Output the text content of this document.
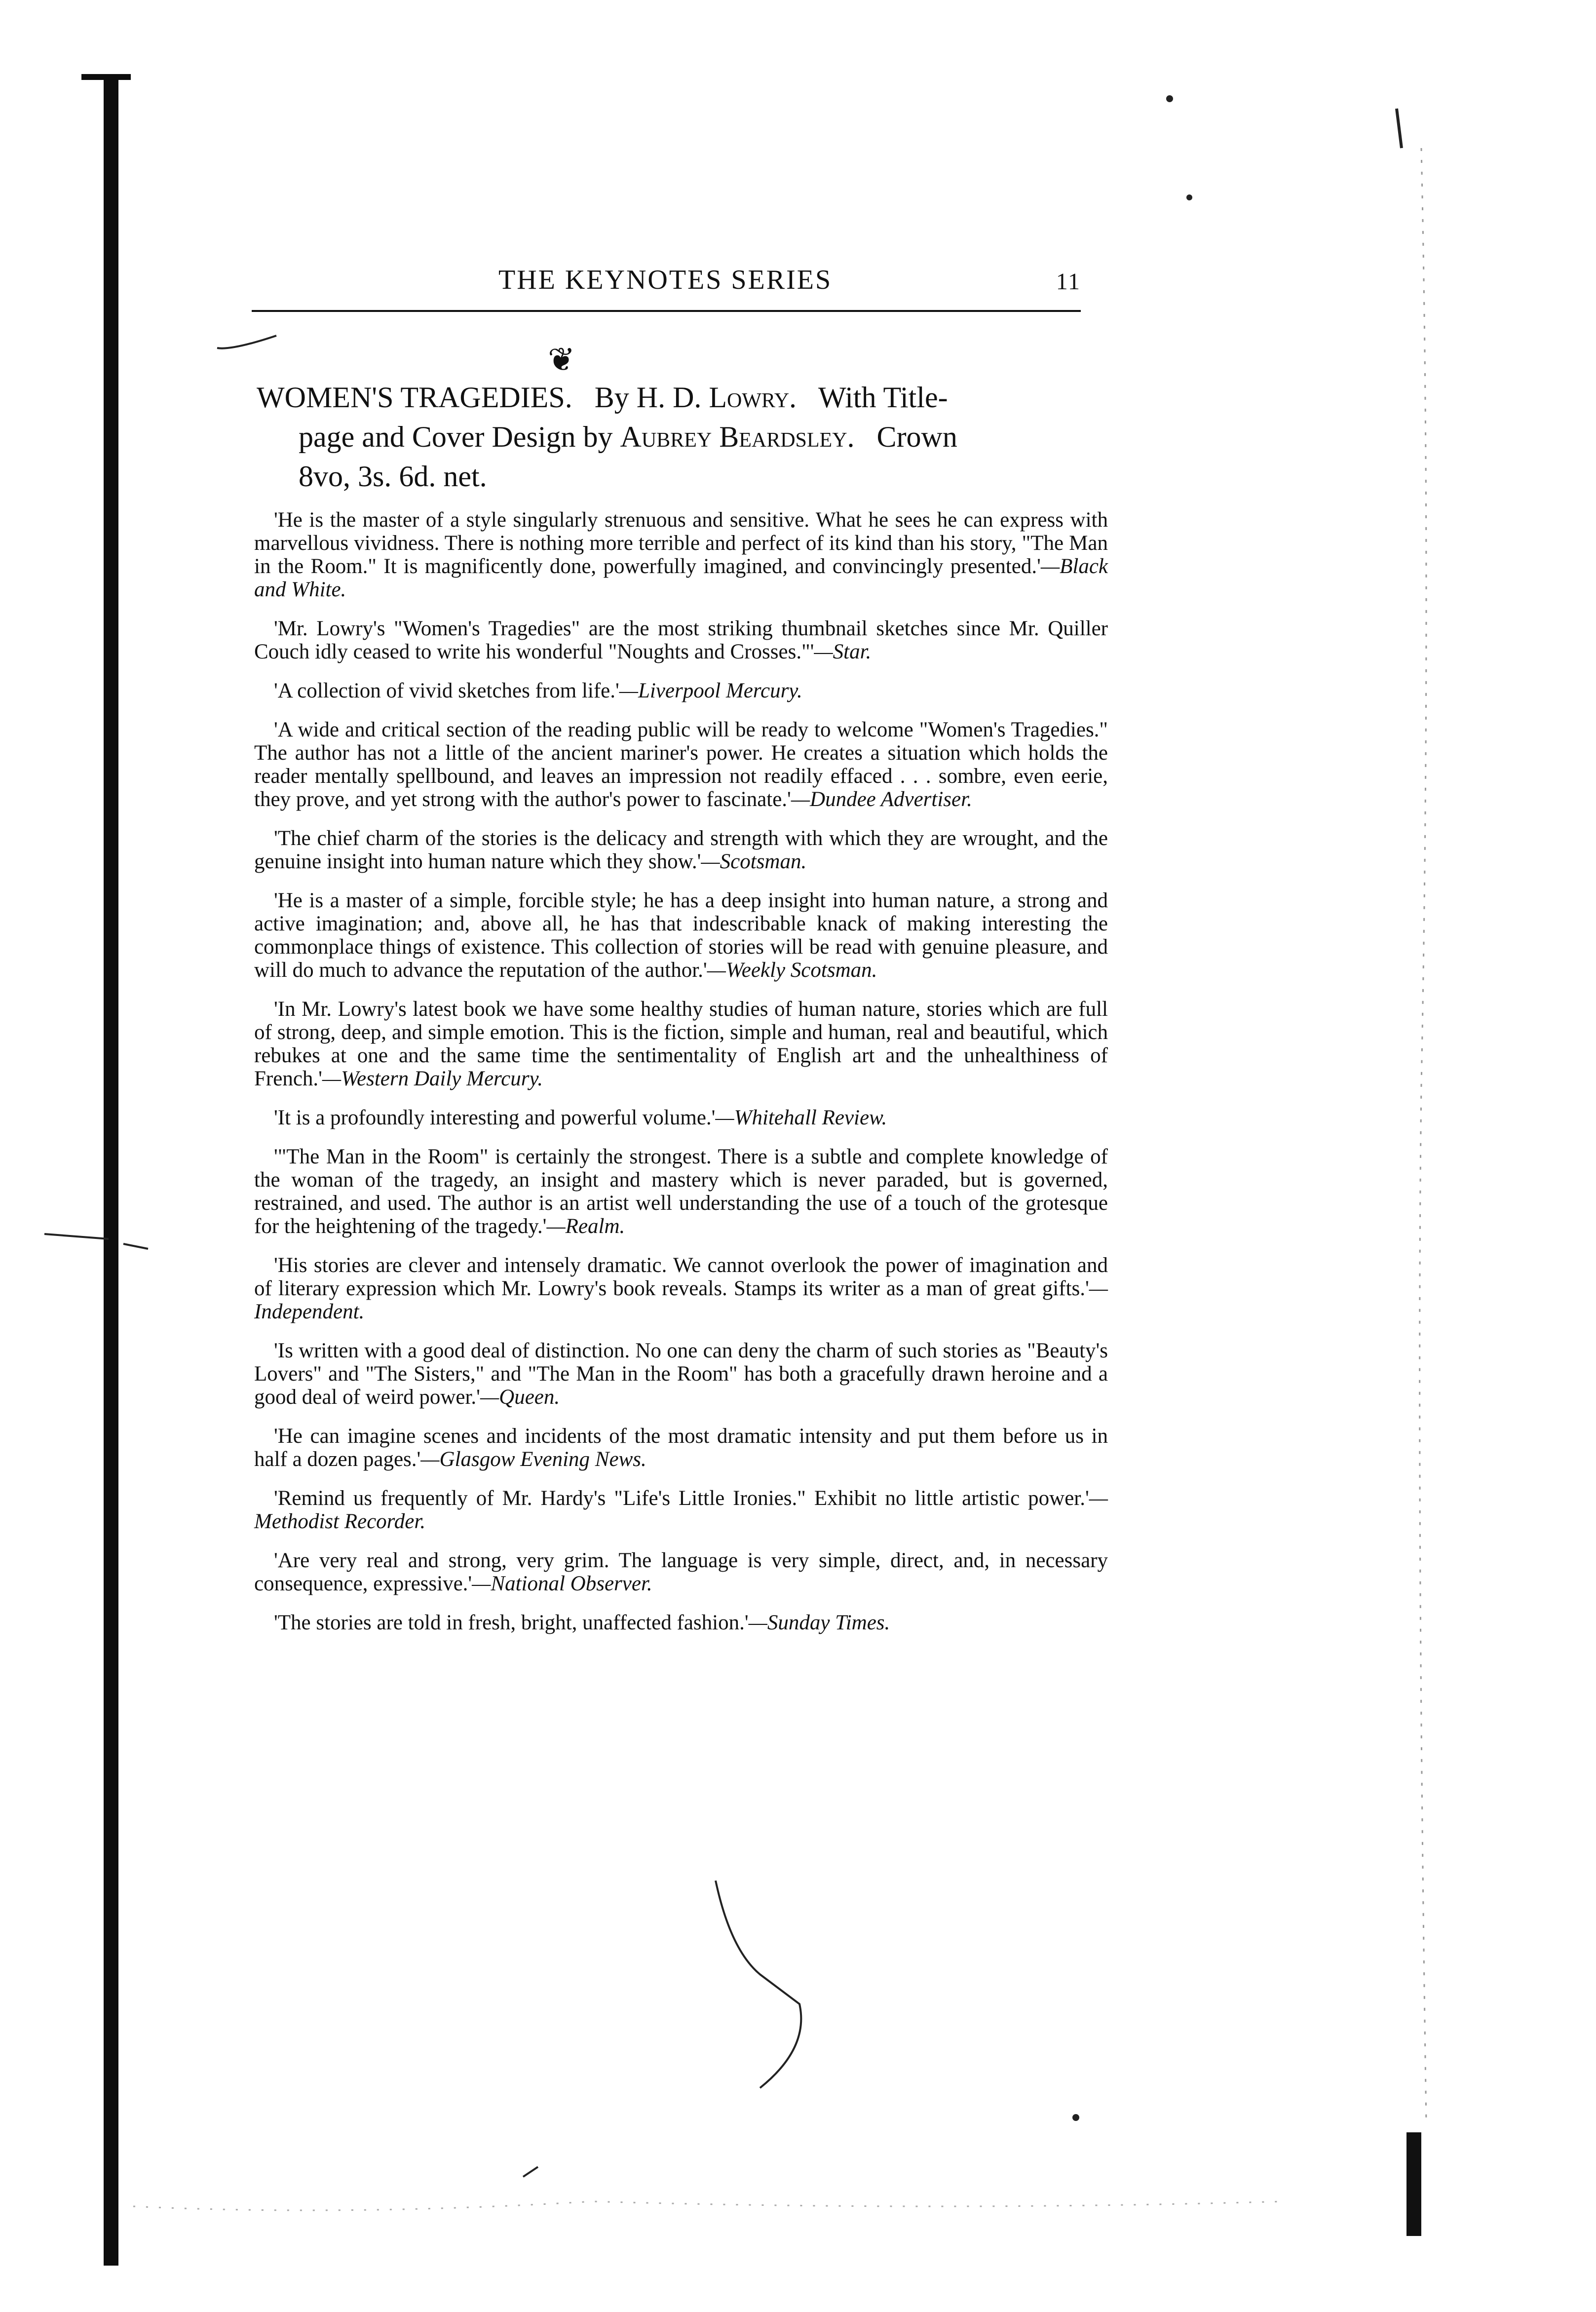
THE KEYNOTES SERIES	11
❦
WOMEN'S TRAGEDIES. By H. D. Lowry. With Title-
page and Cover Design by Aubrey Beardsley. Crown
8vo, 3s. 6d. net.

'He is the master of a style singularly strenuous and sensitive. What he sees he can express with marvellous vividness. There is nothing more terrible and perfect of its kind than his story, "The Man in the Room." It is magnificently done, powerfully imagined, and convincingly presented.'—Black and White.

'Mr. Lowry's "Women's Tragedies" are the most striking thumbnail sketches since Mr. Quiller Couch idly ceased to write his wonderful "Noughts and Crosses."'—Star.

'A collection of vivid sketches from life.'—Liverpool Mercury.

'A wide and critical section of the reading public will be ready to welcome "Women's Tragedies." The author has not a little of the ancient mariner's power. He creates a situation which holds the reader mentally spellbound, and leaves an impression not readily effaced . . . sombre, even eerie, they prove, and yet strong with the author's power to fascinate.'—Dundee Advertiser.

'The chief charm of the stories is the delicacy and strength with which they are wrought, and the genuine insight into human nature which they show.'—Scotsman.

'He is a master of a simple, forcible style; he has a deep insight into human nature, a strong and active imagination; and, above all, he has that indescribable knack of making interesting the commonplace things of existence. This collection of stories will be read with genuine pleasure, and will do much to advance the reputation of the author.'—Weekly Scotsman.

'In Mr. Lowry's latest book we have some healthy studies of human nature, stories which are full of strong, deep, and simple emotion. This is the fiction, simple and human, real and beautiful, which rebukes at one and the same time the sentimentality of English art and the unhealthiness of French.'—Western Daily Mercury.

'It is a profoundly interesting and powerful volume.'—Whitehall Review.

'"The Man in the Room" is certainly the strongest. There is a subtle and complete knowledge of the woman of the tragedy, an insight and mastery which is never paraded, but is governed, restrained, and used. The author is an artist well understanding the use of a touch of the grotesque for the heightening of the tragedy.'—Realm.

'His stories are clever and intensely dramatic. We cannot overlook the power of imagination and of literary expression which Mr. Lowry's book reveals. Stamps its writer as a man of great gifts.'—Independent.

'Is written with a good deal of distinction. No one can deny the charm of such stories as "Beauty's Lovers" and "The Sisters," and "The Man in the Room" has both a gracefully drawn heroine and a good deal of weird power.'—Queen.

'He can imagine scenes and incidents of the most dramatic intensity and put them before us in half a dozen pages.'—Glasgow Evening News.

'Remind us frequently of Mr. Hardy's "Life's Little Ironies." Exhibit no little artistic power.'—Methodist Recorder.

'Are very real and strong, very grim. The language is very simple, direct, and, in necessary consequence, expressive.'—National Observer.

'The stories are told in fresh, bright, unaffected fashion.'—Sunday Times.
